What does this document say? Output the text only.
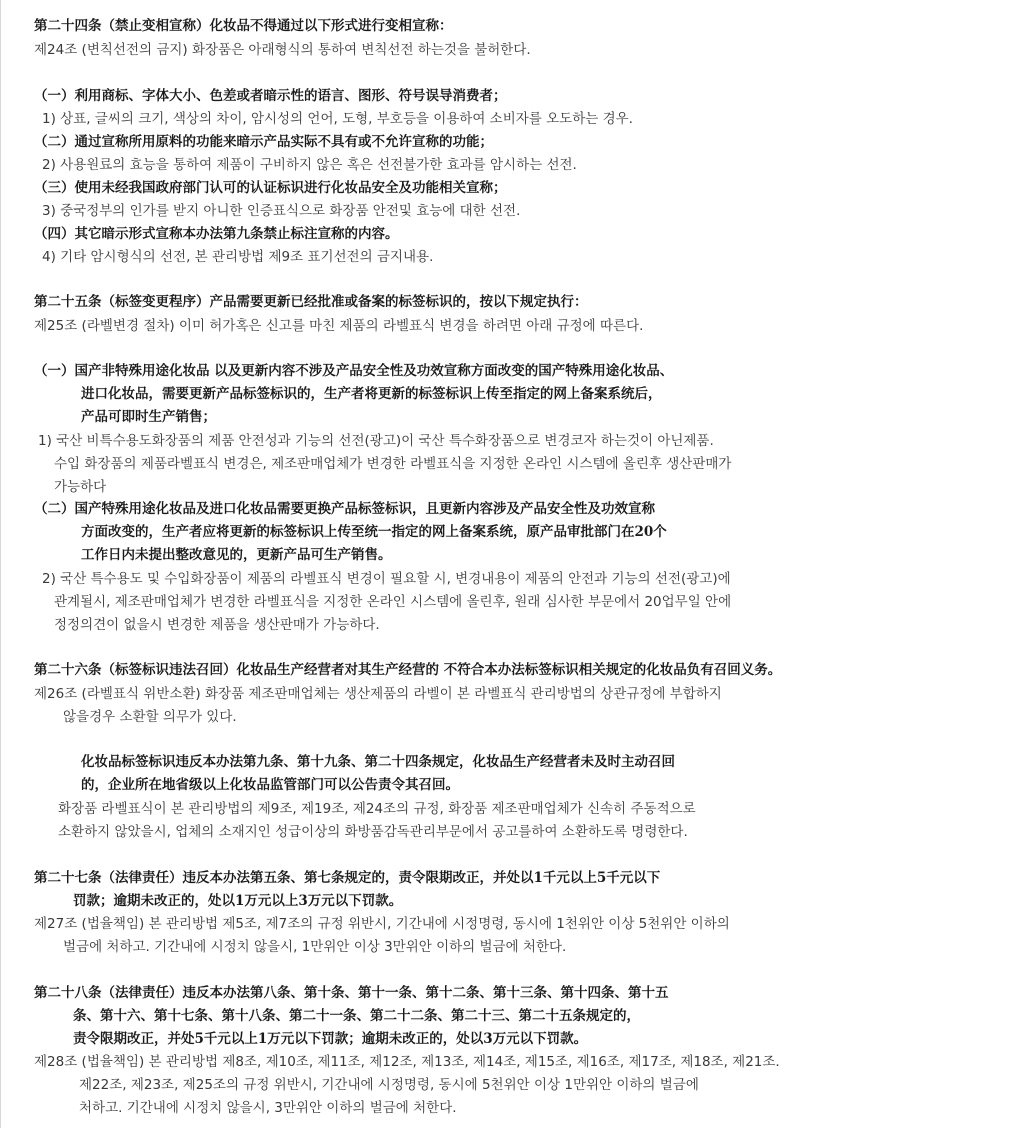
第二十四条（禁止变相宣称）化妆品不得通过以下形式进行变相宣称：
제24조 (변칙선전의 금지) 화장품은 아래형식의 통하여 변칙선전 하는것을 불허한다.
（一）利用商标、字体大小、色差或者暗示性的语言、图形、符号误导消费者；
1) 상표, 글씨의 크기, 색상의 차이, 암시성의 언어, 도형, 부호등을 이용하여 소비자를 오도하는 경우.
（二）通过宣称所用原料的功能来暗示产品实际不具有或不允许宣称的功能；
2) 사용원료의 효능을 통하여 제품이 구비하지 않은 혹은 선전불가한 효과를 암시하는 선전.
（三）使用未经我国政府部门认可的认证标识进行化妆品安全及功能相关宣称；
3) 중국정부의 인가를 받지 아니한 인증표식으로 화장품 안전및 효능에 대한 선전.
（四）其它暗示形式宣称本办法第九条禁止标注宣称的内容。
4) 기타 암시형식의 선전, 본 관리방법 제9조 표기선전의 금지내용.
第二十五条（标签变更程序）产品需要更新已经批准或备案的标签标识的，按以下规定执行：
제25조 (라벨변경 절차) 이미 허가혹은 신고를 마친 제품의 라벨표식 변경을 하려면 아래 규정에 따른다.
（一）国产非特殊用途化妆品 以及更新内容不涉及产品安全性及功效宣称方面改变的国产特殊用途化妆品、
进口化妆品，需要更新产品标签标识的，生产者将更新的标签标识上传至指定的网上备案系统后，
产品可即时生产销售；
1) 국산 비특수용도화장품의 제품 안전성과 기능의 선전(광고)이 국산 특수화장품으로 변경코자 하는것이 아닌제품.
수입 화장품의 제품라벨표식 변경은, 제조판매업체가 변경한 라벨표식을 지정한 온라인 시스템에 올린후 생산판매가
가능하다
（二）国产特殊用途化妆品及进口化妆品需要更换产品标签标识，且更新内容涉及产品安全性及功效宣称
方面改变的，生产者应将更新的标签标识上传至统一指定的网上备案系统，原产品审批部门在20个
工作日内未提出整改意见的，更新产品可生产销售。
2) 국산 특수용도 및 수입화장품이 제품의 라벨표식 변경이 필요할 시, 변경내용이 제품의 안전과 기능의 선전(광고)에
관계될시, 제조판매업체가 변경한 라벨표식을 지정한 온라인 시스템에 올린후, 원래 심사한 부문에서 20업무일 안에
정정의견이 없을시 변경한 제품을 생산판매가 가능하다.
第二十六条（标签标识违法召回）化妆品生产经营者对其生产经营的 不符合本办法标签标识相关规定的化妆品负有召回义务。
제26조 (라벨표식 위반소환) 화장품 제조판매업체는 생산제품의 라벨이 본 라벨표식 관리방법의 상관규정에 부합하지
않을경우 소환할 의무가 있다.
化妆品标签标识违反本办法第九条、第十九条、第二十四条规定，化妆品生产经营者未及时主动召回
的，企业所在地省级以上化妆品监管部门可以公告责令其召回。
화장품 라벨표식이 본 관리방법의 제9조, 제19조, 제24조의 규정, 화장품 제조판매업체가 신속히 주동적으로
소환하지 않았을시, 업체의 소재지인 성급이상의 화방품감독관리부문에서 공고를하여 소환하도록 명령한다.
第二十七条（法律责任）违反本办法第五条、第七条规定的，责令限期改正，并处以1千元以上5千元以下
罚款；逾期未改正的，处以1万元以上3万元以下罚款。
제27조 (법율책임) 본 관리방법 제5조, 제7조의 규정 위반시, 기간내에 시정명령, 동시에 1천위안 이상 5천위안 이하의
벌금에 처하고. 기간내에 시정치 않을시, 1만위안 이상 3만위안 이하의 벌금에 처한다.
第二十八条（法律责任）违反本办法第八条、第十条、第十一条、第十二条、第十三条、第十四条、第十五
条、第十六、第十七条、第十八条、第二十一条、第二十二条、第二十三、第二十五条规定的，
责令限期改正，并处5千元以上1万元以下罚款；逾期未改正的，处以3万元以下罚款。
제28조 (법율책임) 본 관리방법 제8조, 제10조, 제11조, 제12조, 제13조, 제14조, 제15조, 제16조, 제17조, 제18조, 제21조.
제22조, 제23조, 제25조의 규정 위반시, 기간내에 시정명령, 동시에 5천위안 이상 1만위안 이하의 벌금에
처하고. 기간내에 시정치 않을시, 3만위안 이하의 벌금에 처한다.
